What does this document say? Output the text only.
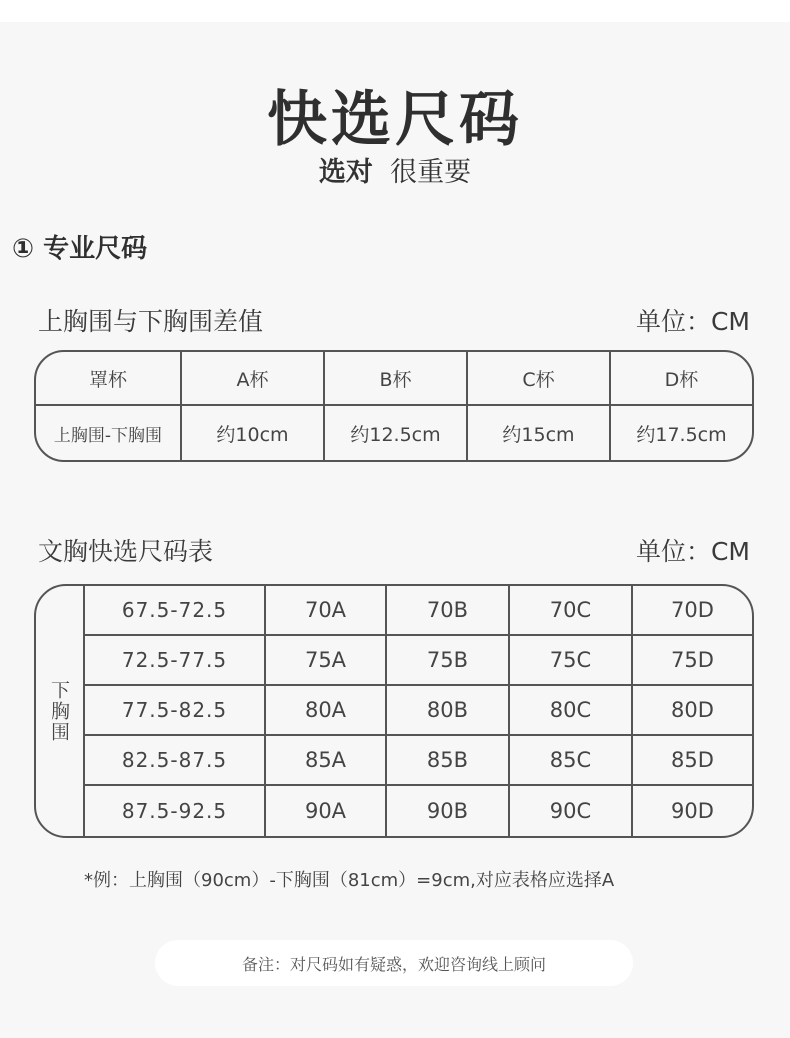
快选尺码
选对 很重要
① 专业尺码
上胸围与下胸围差值	单位：CM
罩杯	A杯	B杯	C杯	D杯
上胸围-下胸围	约10cm	约12.5cm	约15cm	约17.5cm
文胸快选尺码表	单位：CM
下胸围
67.5-72.5	70A	70B	70C	70D
72.5-77.5	75A	75B	75C	75D
77.5-82.5	80A	80B	80C	80D
82.5-87.5	85A	85B	85C	85D
87.5-92.5	90A	90B	90C	90D
*例：上胸围（90cm）-下胸围（81cm）=9cm,对应表格应选择A
备注：对尺码如有疑惑，欢迎咨询线上顾问
